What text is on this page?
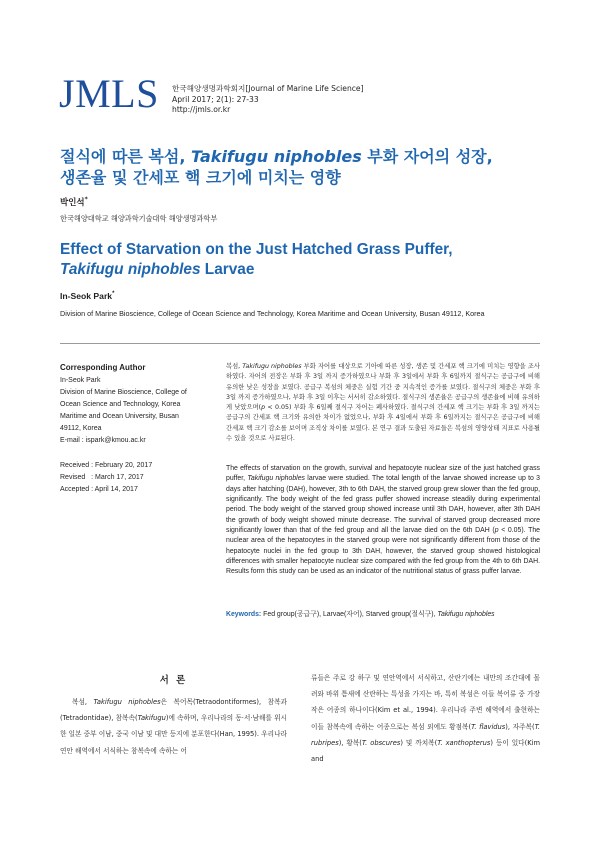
JMLS 한국해양생명과학회지[Journal of Marine Life Science]
April 2017; 2(1): 27-33
http://jmls.or.kr
절식에 따른 복섬, Takifugu niphobles 부화 자어의 성장,
생존율 및 간세포 핵 크기에 미치는 영향
박인석*
한국해양대학교 해양과학기술대학 해양생명과학부
Effect of Starvation on the Just Hatched Grass Puffer,
Takifugu niphobles Larvae
In-Seok Park*
Division of Marine Bioscience, College of Ocean Science and Technology, Korea Maritime and Ocean University, Busan 49112, Korea
Corresponding Author
In-Seok Park
Division of Marine Bioscience, College of
Ocean Science and Technology, Korea
Maritime and Ocean University, Busan
49112, Korea
E-mail : ispark@kmou.ac.kr
Received : February 20, 2017
Revised   : March 17, 2017
Accepted : April 14, 2017
복섬, Takifugu niphobles 부화 자어를 대상으로 기아에 따른 성장, 생존 및 간세포 핵 크기에 미치는 영향을 조사하였다. 자어의 전장은 부화 후 3일 까지 증가하였으나 부화 후 3일에서 부화 후 6일까지 절식구는 공급구에 비해 유의한 낮은 성장을 보였다. 공급구 복섬의 체중은 실험 기간 중 지속적인 증가를 보였다. 절식구의 체중은 부화 후 3일 까지 증가하였으나, 부화 후 3일 이후는 서서히 감소하였다. 절식구의 생존율은 공급구의 생존율에 비해 유의하게 낮았으며(p < 0.05) 부화 후 6일째 절식구 자어는 폐사하였다. 절식구의 간세포 핵 크기는 부화 후 3일 까지는 공급구의 간세포 핵 크기와 유의한 차이가 없었으나, 부화 후 4일에서 부화 후 6일까지는 절식구은 공급구에 비해 간세포 핵 크기 감소를 보이며 조직상 차이를 보였다. 본 연구 결과 도출된 자료들은 복섬의 영양상태 지표로 사용될 수 있을 것으로 사료된다.
The effects of starvation on the growth, survival and hepatocyte nuclear size of the just hatched grass puffer, Takifugu niphobles larvae were studied. The total length of the larvae showed increase up to 3 days after hatching (DAH), however, 3th to 6th DAH, the starved group grew slower than the fed group, significantly. The body weight of the fed grass puffer showed increase steadily during experimental period. The body weight of the starved group showed increase until 3th DAH, however, after 3th DAH the growth of body weight showed minute decrease. The survival of starved group decreased more significantly lower than that of the fed group and all the larvae died on the 6th DAH (p < 0.05). The nuclear area of the hepatocytes in the starved group were not significantly different from those of the hepatocyte nuclei in the fed group to 3th DAH, however, the starved group showed histological differences with smaller hepatocyte nuclear size compared with the fed group from the 4th to 6th DAH. Results form this study can be used as an indicator of the nutritional status of grass puffer larvae.
Keywords: Fed group(공급구), Larvae(자어), Starved group(절식구), Takifugu niphobles
서 론
복섬, Takifugu niphobles은 복어목(Tetraodontiformes), 참복과(Tetradontidae), 참복속(Takifugu)에 속하며, 우리나라의 동·서·남해를 위시한 일본 중부 이남, 중국 이남 및 대만 등지에 분포한다(Han, 1995). 우리나라 연안 해역에서 서식하는 참복속에 속하는 어
류들은 주로 강 하구 및 연안역에서 서식하고, 산란기에는 내만의 조간대에 몰려와 바위 틈새에 산란하는 특성을 가지는 바, 특히 복섬은 이들 복어류 중 가장 작은 어종의 하나이다(Kim et al., 1994). 우리나라 주변 해역에서 출현하는 이들 참복속에 속하는 어종으로는 복섬 외에도 황점복(T. flavidus), 자주복(T. rubripes), 황복(T. obscures) 및 까치복(T. xanthopterus) 등이 있다(Kim and
